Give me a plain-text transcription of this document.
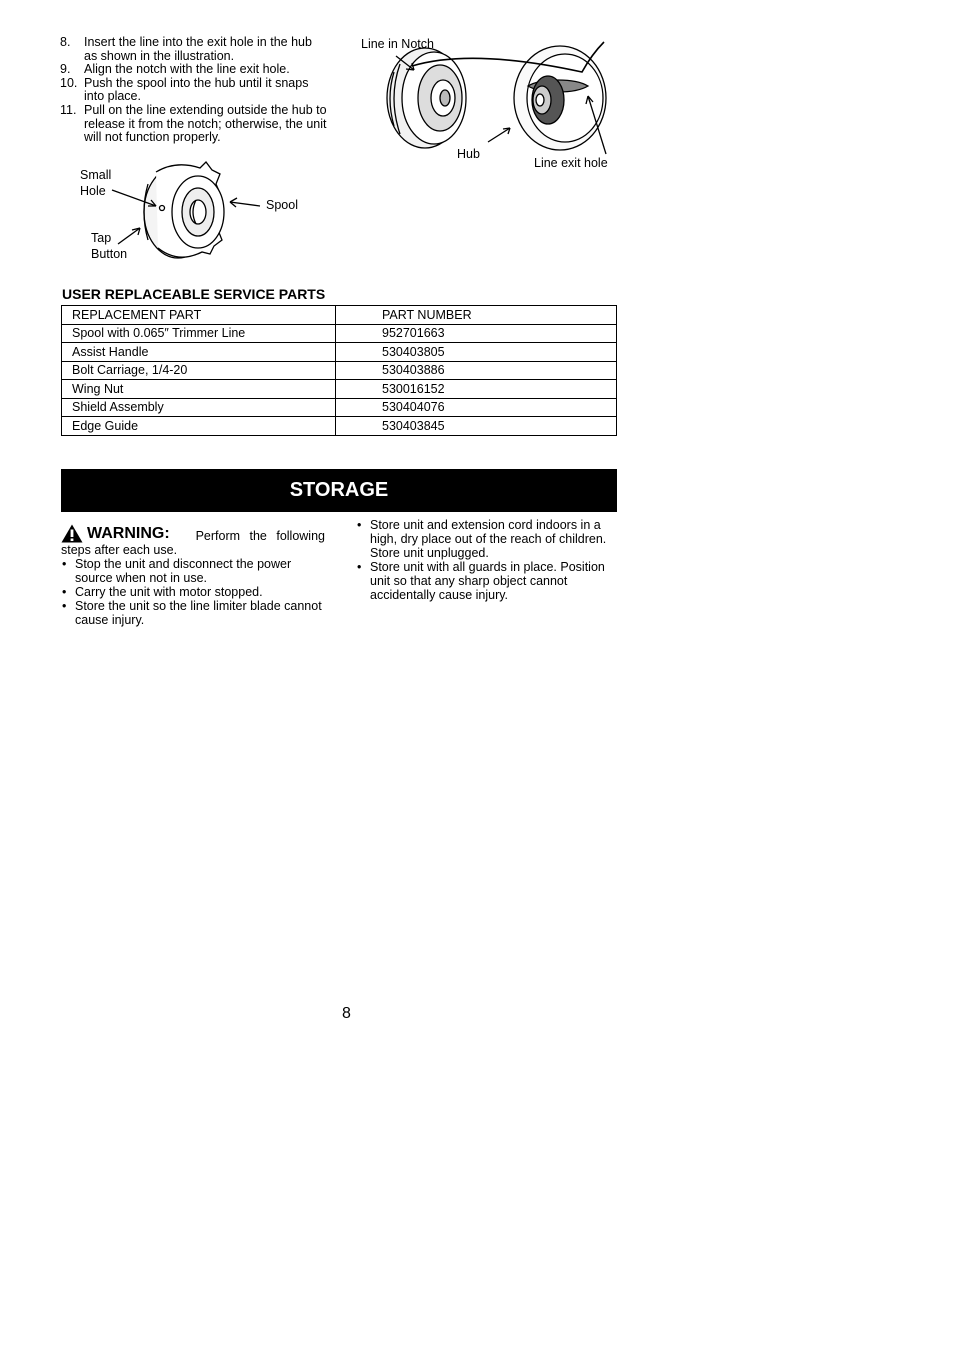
8.	Insert the line into the exit hole in the hub as shown in the illustration.
9.	Align the notch with the line exit hole.
10. Push the spool into the hub until it snaps into place.
11. Pull on the line extending outside the hub to release it from the notch; otherwise, the unit will not function properly.
Line in Notch
Hub
Line exit hole
Small
Hole
Spool
Tap
Button
USER REPLACEABLE SERVICE PARTS
REPLACEMENT PART	PART NUMBER
Spool with 0.065″ Trimmer Line	952701663
Assist Handle	530403805
Bolt Carriage, 1/4-20	530403886
Wing Nut	530016152
Shield Assembly	530404076
Edge Guide	530403845
STORAGE
WARNING: Perform the following
steps after each use.
• Stop the unit and disconnect the power source when not in use.
• Carry the unit with motor stopped.
• Store the unit so the line limiter blade cannot cause injury.
• Store unit and extension cord indoors in a high, dry place out of the reach of children. Store unit unplugged.
• Store unit with all guards in place. Position unit so that any sharp object cannot accidentally cause injury.
8
